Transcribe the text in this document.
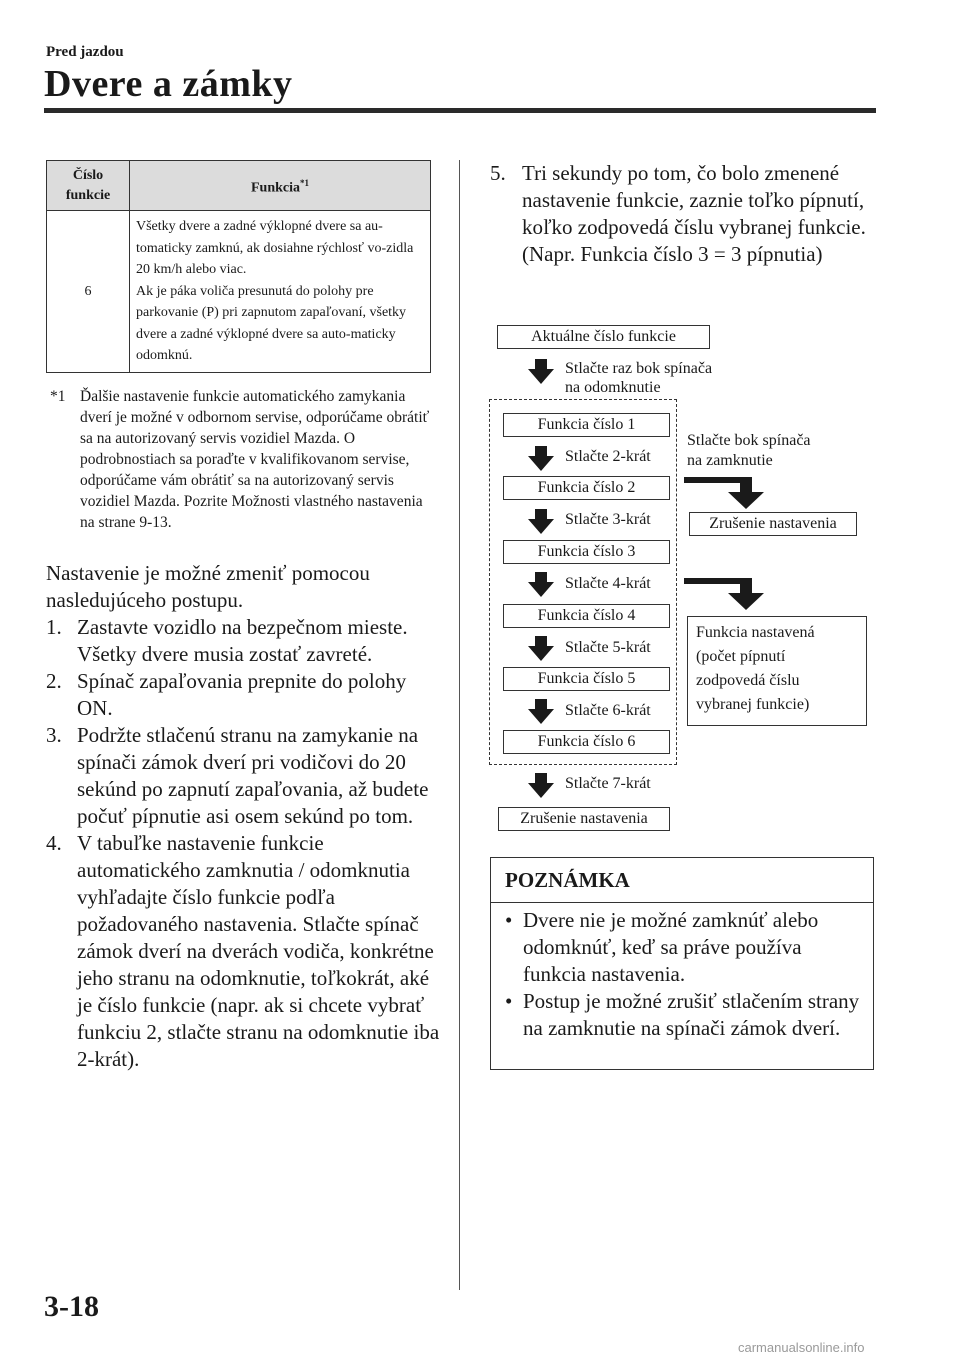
Pred jazdou
Dvere a zámky
Číslo funkcie	Funkcia$^{*1}$
6	Všetky dvere a zadné výklopné dvere sa au-tomaticky zamknú, ak dosiahne rýchlosť vo-zidla 20 km/h alebo viac.
Ak je páka voliča presunutá do polohy pre parkovanie (P) pri zapnutom zapaľovaní, všetky dvere a zadné výklopné dvere sa auto-maticky odomknú.
*1 Ďalšie nastavenie funkcie automatického zamykania dverí je možné v odbornom servise, odporúčame obrátiť sa na autorizovaný servis vozidiel Mazda. O podrobnostiach sa poraďte v kvalifikovanom servise, odporúčame vám obrátiť sa na autorizovaný servis vozidiel Mazda. Pozrite Možnosti vlastného nastavenia na strane 9-13.

Nastavenie je možné zmeniť pomocou nasledujúceho postupu.

1. Zastavte vozidlo na bezpečnom mieste. Všetky dvere musia zostať zavreté.
2. Spínač zapaľovania prepnite do polohy ON.
3. Podržte stlačenú stranu na zamykanie na spínači zámok dverí pri vodičovi do 20 sekúnd po zapnutí zapaľovania, až budete počuť pípnutie asi osem sekúnd po tom.
4. V tabuľke nastavenie funkcie automatického zamknutia / odomknutia vyhľadajte číslo funkcie podľa požadovaného nastavenia. Stlačte spínač zámok dverí na dverách vodiča, konkrétne jeho stranu na odomknutie, toľkokrát, aké je číslo funkcie (napr. ak si chcete vybrať funkciu 2, stlačte stranu na odomknutie iba 2-krát).
5. Tri sekundy po tom, čo bolo zmenené nastavenie funkcie, zaznie toľko pípnutí, koľko zodpovedá číslu vybranej funkcie. (Napr. Funkcia číslo 3 = 3 pípnutia)
Aktuálne číslo funkcie
Stlačte raz bok spínača
na odomknutie
Funkcia číslo 1
Stlačte 2-krát
Funkcia číslo 2
Stlačte 3-krát
Funkcia číslo 3
Stlačte 4-krát
Funkcia číslo 4
Stlačte 5-krát
Funkcia číslo 5
Stlačte 6-krát
Funkcia číslo 6
Stlačte 7-krát
Zrušenie nastavenia
Stlačte bok spínača
na zamknutie
Zrušenie nastavenia
Funkcia nastavená
(počet pípnutí
zodpovedá číslu
vybranej funkcie)
POZNÁMKA
• Dvere nie je možné zamknúť alebo odomknúť, keď sa práve používa funkcia nastavenia.
• Postup je možné zrušiť stlačením strany na zamknutie na spínači zámok dverí.
3-18
carmanualsonline.info
